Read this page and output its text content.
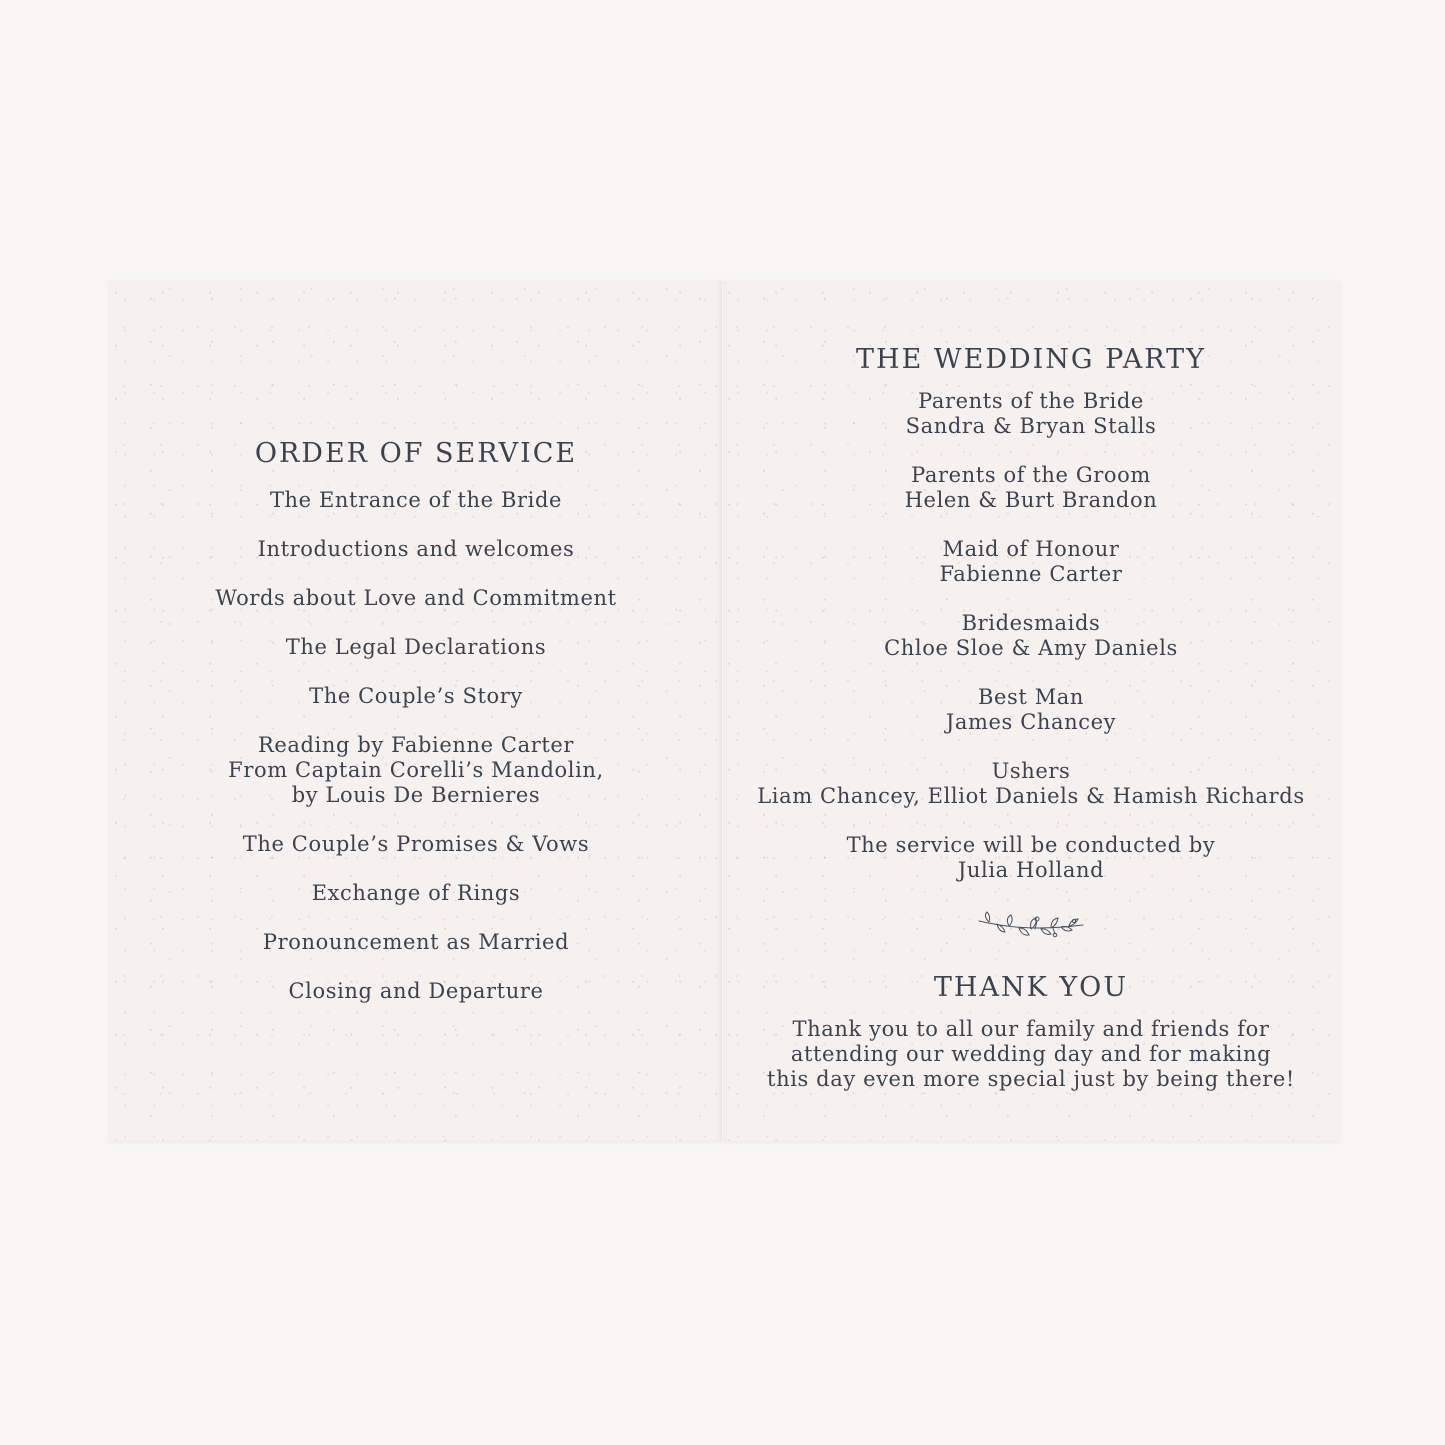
ORDER OF SERVICE
The Entrance of the Bride
Introductions and welcomes
Words about Love and Commitment
The Legal Declarations
The Couple’s Story
Reading by Fabienne Carter
From Captain Corelli’s Mandolin,
by Louis De Bernieres
The Couple’s Promises & Vows
Exchange of Rings
Pronouncement as Married
Closing and Departure
THE WEDDING PARTY
Parents of the Bride
Sandra & Bryan Stalls
Parents of the Groom
Helen & Burt Brandon
Maid of Honour
Fabienne Carter
Bridesmaids
Chloe Sloe & Amy Daniels
Best Man
James Chancey
Ushers
Liam Chancey, Elliot Daniels & Hamish Richards
The service will be conducted by
Julia Holland
THANK YOU
Thank you to all our family and friends for
attending our wedding day and for making
this day even more special just by being there!
